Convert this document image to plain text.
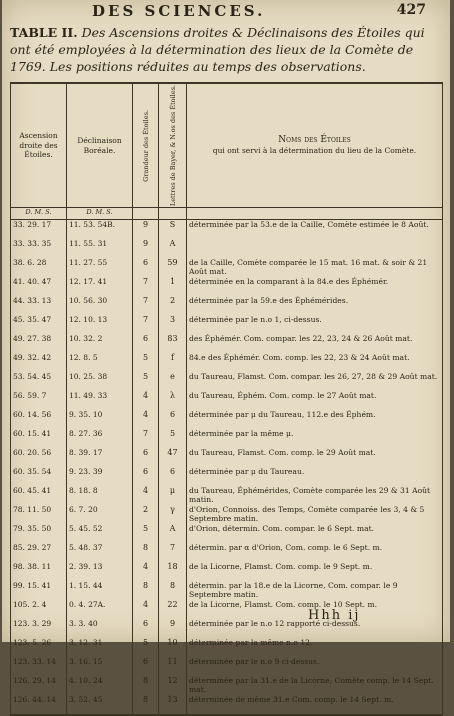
DES SCIENCES.	427
TABLE II. Des Ascensions droites & Déclinaisons des Étoiles qui ont été employées à la détermination des lieux de la Comète de 1769. Les positions réduites au temps des observations.
Ascension droite des Étoiles.	Déclinaison Boréale.	Grandeur des Étoiles.	Lettres de Bayer, & N.os des Étoiles.	Noms des Étoiles
qui ont servi à la détermination du lieu de la Comète.

D. M. S.	D. M. S.			
33. 29. 17	11. 53. 54B.	9	S	déterminée par la 53.e de la Caille, Comète estimée le 8 Août.
33. 33. 35	11. 55. 31	9	A	
38. 6. 28	11. 27. 55	6	59	de la Caille, Comète comparée le 15 mat. 16 mat. & soir & 21 Août mat.
41. 40. 47	12. 17. 41	7	1	déterminée en la comparant à la 84.e des Éphémér.
44. 33. 13	10. 56. 30	7	2	déterminée par la 59.e des Éphémérides.
45. 35. 47	12. 10. 13	7	3	déterminée par le n.o 1, ci-dessus.
49. 27. 38	10. 32. 2	6	83	des Éphémér. Com. compar. les 22, 23, 24 & 26 Août mat.
49. 32. 42	12. 8. 5	5	f	84.e des Éphémér. Com. comp. les 22, 23 & 24 Août mat.
53. 54. 45	10. 25. 38	5	e	du Taureau, Flamst. Com. compar. les 26, 27, 28 & 29 Août mat.
56. 59. 7	11. 49. 33	4	λ	du Taureau, Éphém. Com. comp. le 27 Août mat.
60. 14. 56	9. 35. 10	4	6	déterminée par μ du Taureau, 112.e des Éphém.
60. 15. 41	8. 27. 36	7	5	déterminée par la même μ.
60. 20. 56	8. 39. 17	6	47	du Taureau, Flamst. Com. comp. le 29 Août mat.
60. 35. 54	9. 23. 39	6	6	déterminée par μ du Taureau.
60. 45. 41	8. 18. 8	4	μ	du Taureau, Éphémérides, Comète comparée les 29 & 31 Août matin.
78. 11. 50	6. 7. 20	2	γ	d'Orion, Connoiss. des Temps, Comète comparée les 3, 4 & 5 Septembre matin.
79. 35. 50	5. 45. 52	5	A	d'Orion, détermin. Com. compar. le 6 Sept. mat.
85. 29. 27	5. 48. 37	8	7	détermin. par α d'Orion, Com. comp. le 6 Sept. m.
98. 38. 11	2. 39. 13	4	18	de la Licorne, Flamst. Com. comp. le 9 Sept. m.
99. 15. 41	1. 15. 44	8	8	détermin. par la 18.e de la Licorne, Com. compar. le 9 Septembre matin.
105. 2. 4	0. 4. 27A.	4	22	de la Licorne, Flamst. Com. comp. le 10 Sept. m.
123. 3. 29	3. 3. 40	6	9	déterminée par le n.o 12 rapporté ci-dessus.
123. 5. 26	3. 12. 31	5	10	déterminée par la même n.o 12.
123. 33. 14	3. 16. 15	6	11	déterminée par le n.o 9 ci-dessus.
126. 29. 14	4. 10. 24	8	12	déterminée par la 31.e de la Licorne, Comète comp. le 14 Sept. mat.
126. 44. 14	3. 52. 45	8	13	déterminée de même 31.e Com. comp. le 14 Sept. m.
Hhh ij
